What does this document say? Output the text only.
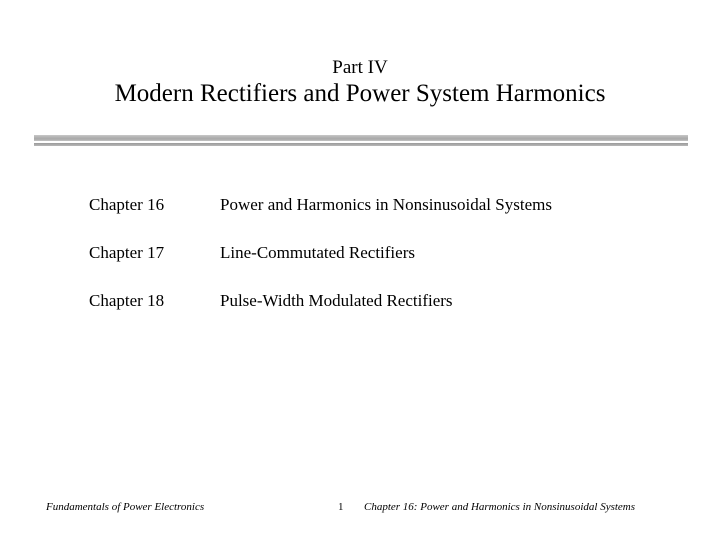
Part IV
Modern Rectifiers and Power System Harmonics
Chapter 16	Power and Harmonics in Nonsinusoidal Systems
Chapter 17	Line-Commutated Rectifiers
Chapter 18	Pulse-Width Modulated Rectifiers
Fundamentals of Power Electronics	1 Chapter 16: Power and Harmonics in Nonsinusoidal Systems
